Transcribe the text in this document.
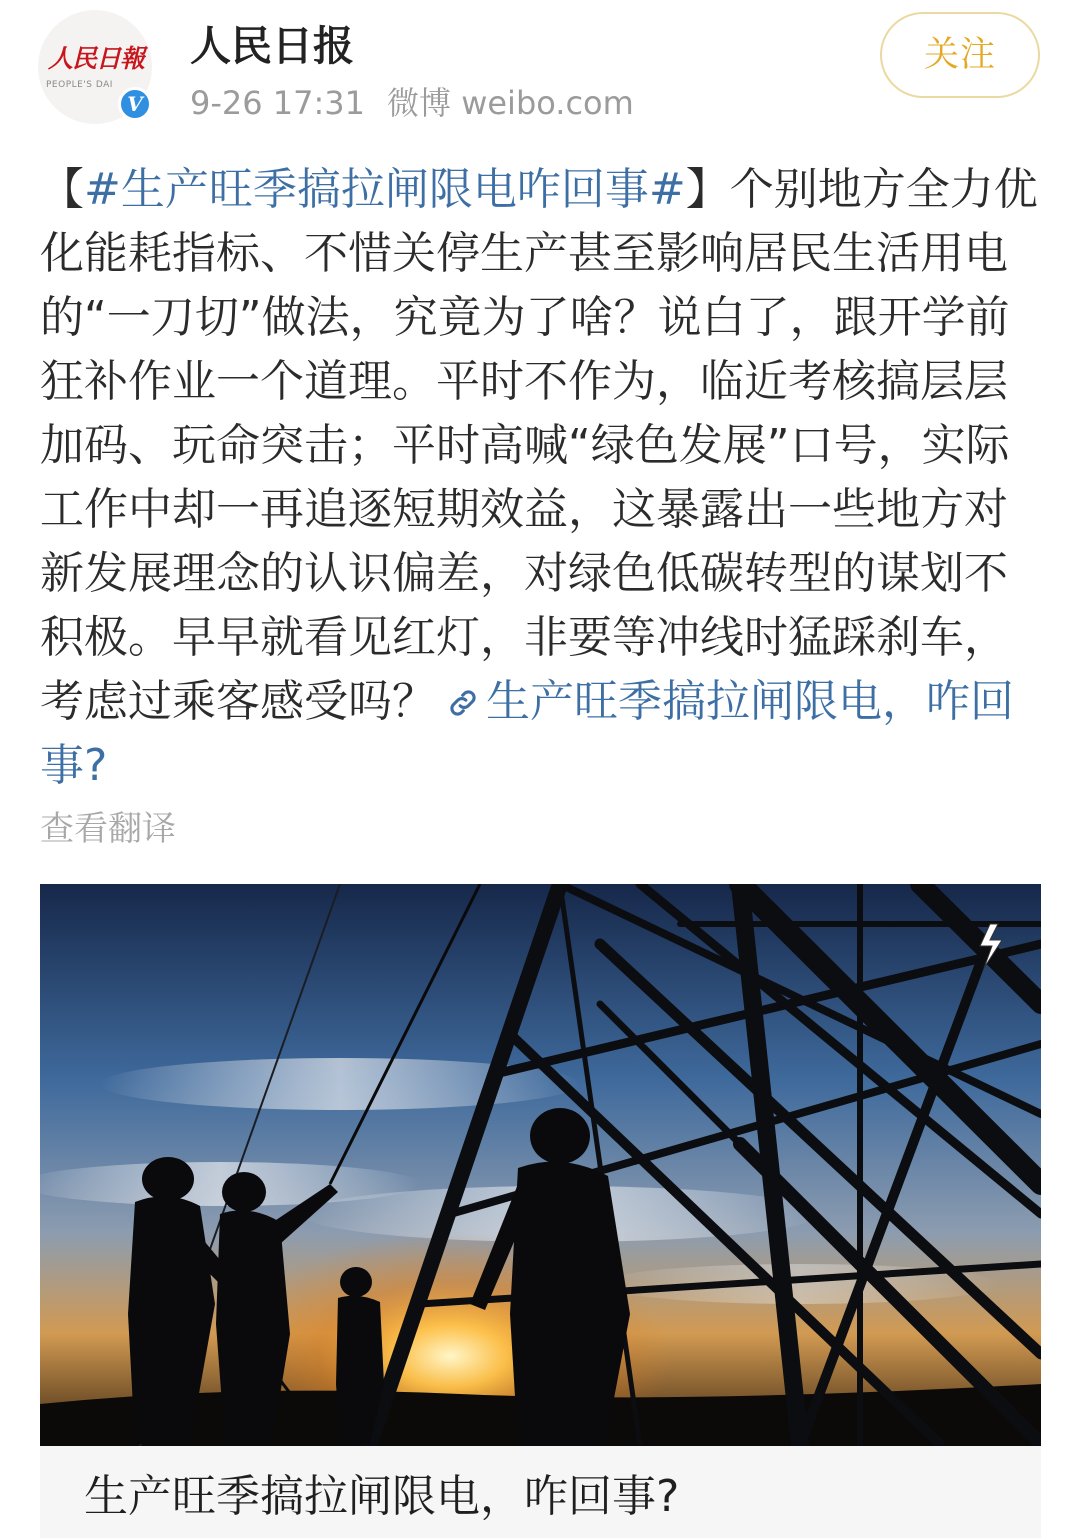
人民日報
PEOPLE'S DAI
V
人民日报
9-26 17:31 微博 weibo.com
关注
【#生产旺季搞拉闸限电咋回事#】个别地方全力优化能耗指标、不惜关停生产甚至影响居民生活用电的“一刀切”做法，究竟为了啥？说白了，跟开学前狂补作业一个道理。平时不作为，临近考核搞层层加码、玩命突击；平时高喊“绿色发展”口号，实际工作中却一再追逐短期效益，这暴露出一些地方对新发展理念的认识偏差，对绿色低碳转型的谋划不积极。早早就看见红灯，非要等冲线时猛踩刹车，考虑过乘客感受吗？ 生产旺季搞拉闸限电，咋回事?
查看翻译
生产旺季搞拉闸限电，咋回事?
